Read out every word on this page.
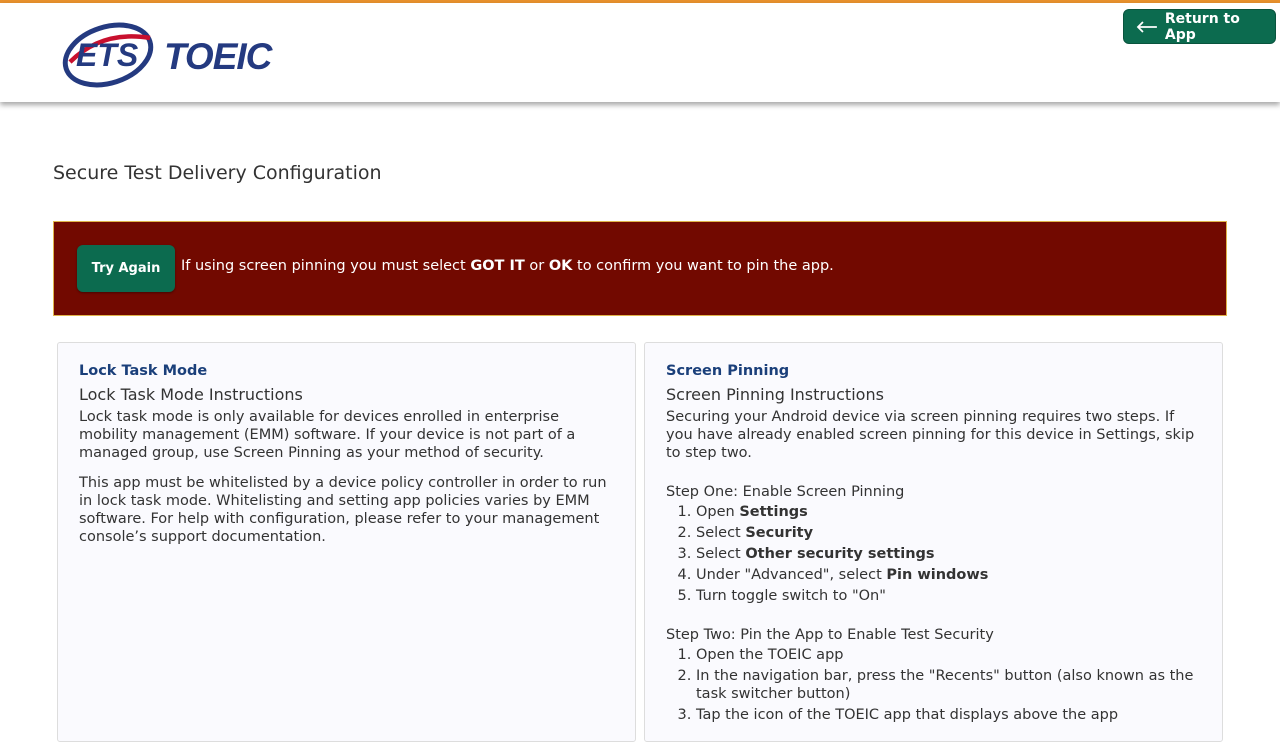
ETS TOEIC
Return to App
Secure Test Delivery Configuration
Try Again If using screen pinning you must select GOT IT or OK to confirm you want to pin the app.
Lock Task Mode
Lock Task Mode Instructions

Lock task mode is only available for devices enrolled in enterprise mobility management (EMM) software. If your device is not part of a managed group, use Screen Pinning as your method of security.

This app must be whitelisted by a device policy controller in order to run in lock task mode. Whitelisting and setting app policies varies by EMM software. For help with configuration, please refer to your management console’s support documentation.

Screen Pinning
Screen Pinning Instructions

Securing your Android device via screen pinning requires two steps. If you have already enabled screen pinning for this device in Settings, skip to step two.

Step One: Enable Screen Pinning
1. Open Settings
2. Select Security
3. Select Other security settings
4. Under "Advanced", select Pin windows
5. Turn toggle switch to "On"
Step Two: Pin the App to Enable Test Security
1. Open the TOEIC app
2. In the navigation bar, press the "Recents" button (also known as the task switcher button)
3. Tap the icon of the TOEIC app that displays above the app
